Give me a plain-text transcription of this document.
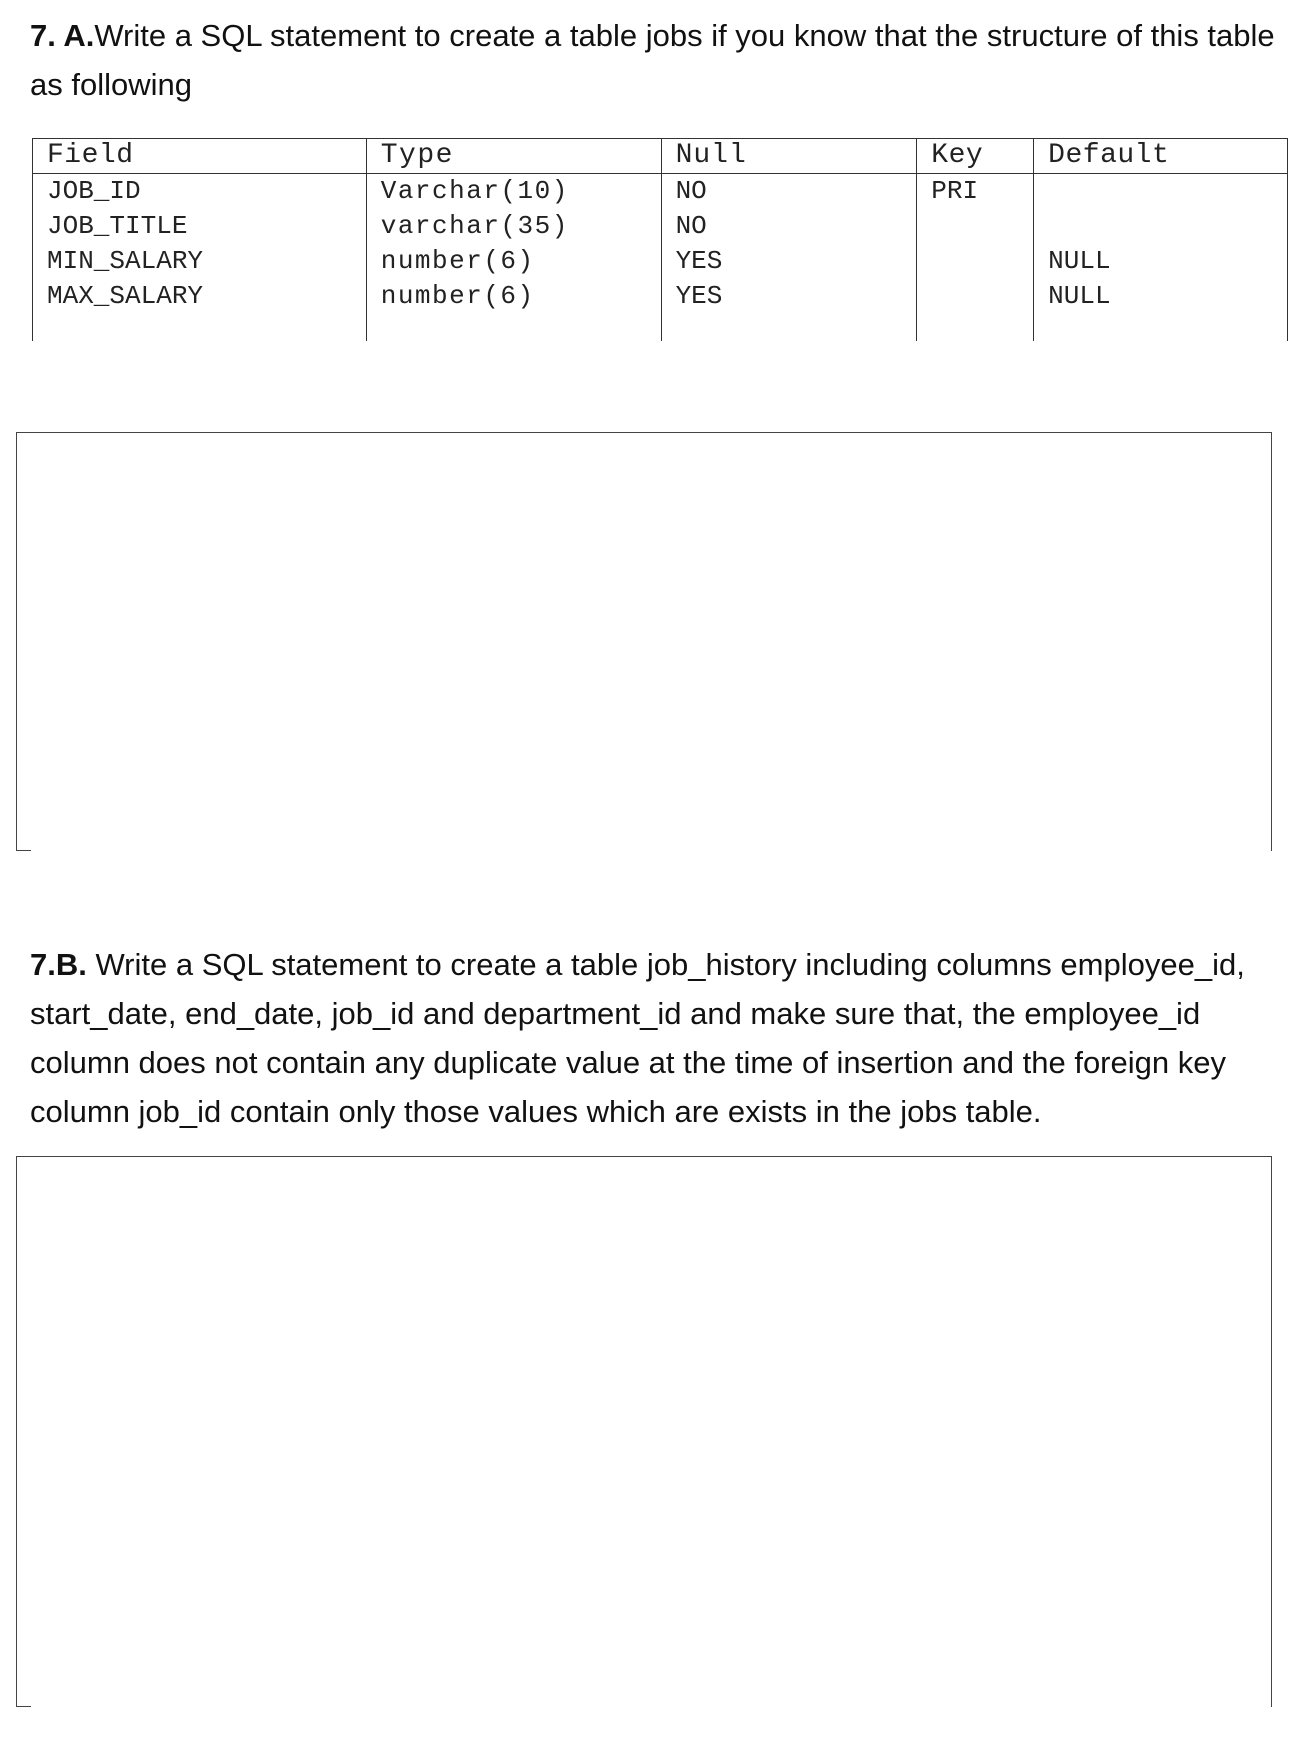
7. A.Write a SQL statement to create a table jobs if you know that the structure of this table as following

Field	Type	Null	Key	Default
JOB_ID	Varchar(10)	NO	PRI	
JOB_TITLE	varchar(35)	NO		
MIN_SALARY	number(6)	YES		NULL
MAX_SALARY	number(6)	YES		NULL

7.B. Write a SQL statement to create a table job_history including columns employee_id, start_date, end_date, job_id and department_id and make sure that, the employee_id column does not contain any duplicate value at the time of insertion and the foreign key column job_id contain only those values which are exists in the jobs table.
